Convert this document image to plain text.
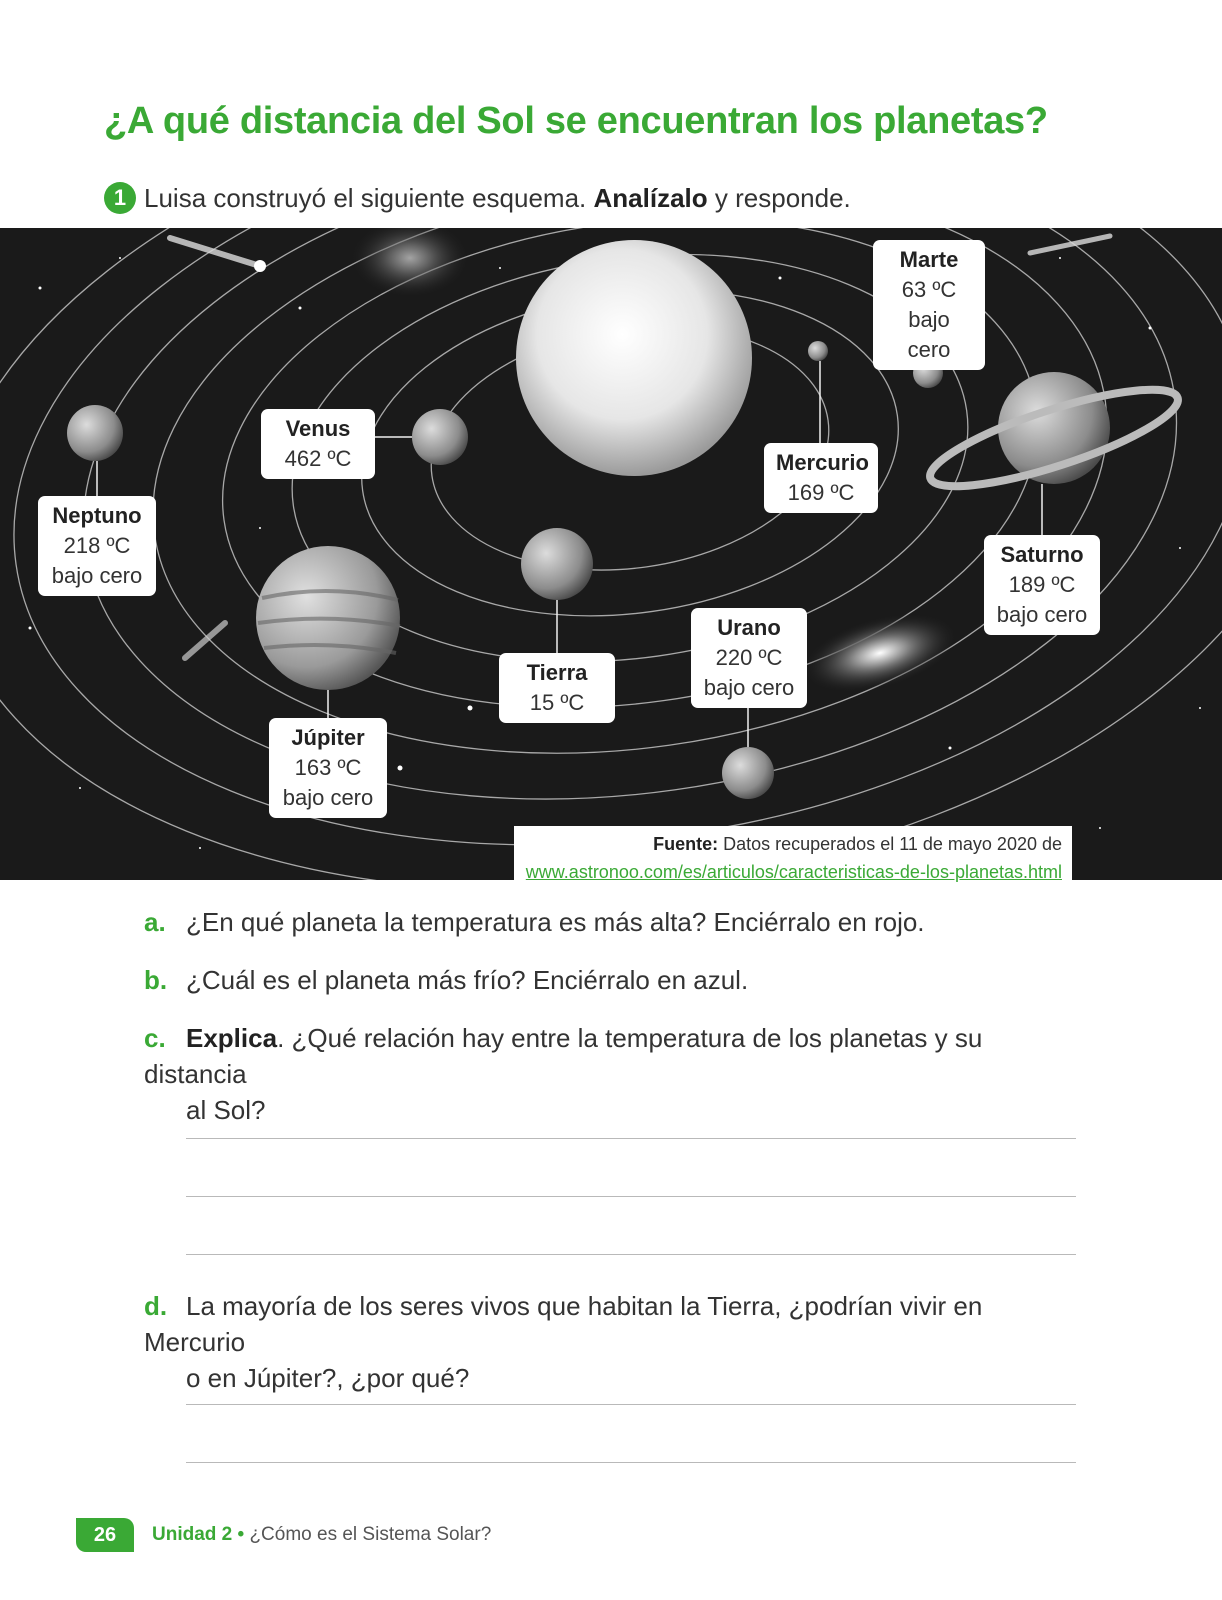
¿A qué distancia del Sol se encuentran los planetas?
1 Luisa construyó el siguiente esquema.
Analízalo
y responde.
Marte
63 ºC
bajo cero
Venus
462 ºC	Mercurio
169 ºC
Neptuno
218 ºC
bajo cero
Saturno
189 ºC
bajo cero
Urano
220 ºC
bajo cero
Tierra
15 ºC
Júpiter
163 ºC
bajo cero
Fuente: Datos recuperados el 11 de mayo 2020 de
www.astronoo.com/es/articulos/caracteristicas-de-los-planetas.html
a. ¿En qué planeta la temperatura es más alta? Enciérralo en rojo.
b. ¿Cuál es el planeta más frío? Enciérralo en azul.
c. Explica. ¿Qué relación hay entre la temperatura de los planetas y su distancia
al Sol?
d. La mayoría de los seres vivos que habitan la Tierra, ¿podrían vivir en Mercurio
o en Júpiter?, ¿por qué?
26	Unidad 2 • ¿Cómo es el Sistema Solar?
